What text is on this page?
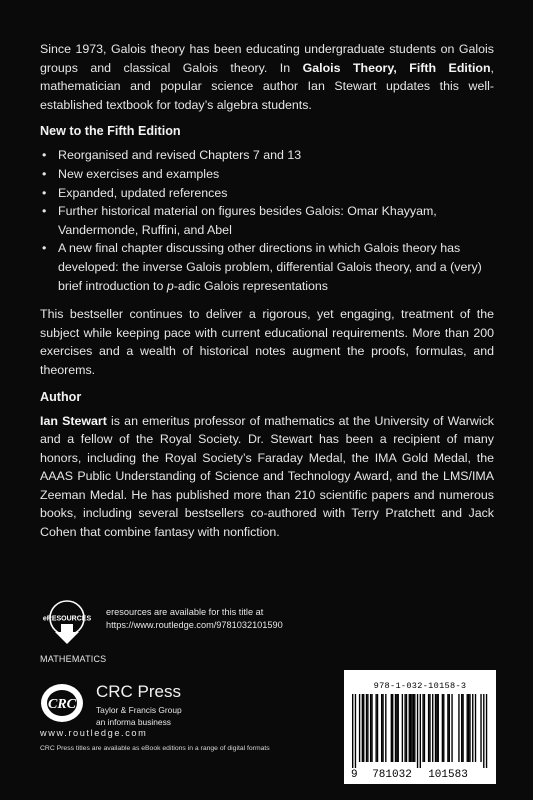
Since 1973, Galois theory has been educating undergraduate students on Galois groups and classical Galois theory. In Galois Theory, Fifth Edition, mathematician and popular science author Ian Stewart updates this well-established textbook for today’s algebra students.

New to the Fifth Edition
• Reorganised and revised Chapters 7 and 13
• New exercises and examples
• Expanded, updated references
• Further historical material on figures besides Galois: Omar Khayyam, Vandermonde, Ruffini, and Abel
• A new final chapter discussing other directions in which Galois theory has developed: the inverse Galois problem, differential Galois theory, and a (very) brief introduction to p-adic Galois representations

This bestseller continues to deliver a rigorous, yet engaging, treatment of the subject while keeping pace with current educational requirements. More than 200 exercises and a wealth of historical notes augment the proofs, formulas, and theorems.

Author

Ian Stewart is an emeritus professor of mathematics at the University of Warwick and a fellow of the Royal Society. Dr. Stewart has been a recipient of many honors, including the Royal Society’s Faraday Medal, the IMA Gold Medal, the AAAS Public Understanding of Science and Technology Award, and the LMS/IMA Zeeman Medal. He has published more than 210 scientific papers and numerous books, including several bestsellers co-authored with Terry Pratchett and Jack Cohen that combine fantasy with nonfiction.

eRESOURCES
eresources are available for this title at
https://www.routledge.com/9781032101590
MATHEMATICS
CRC
CRC Press
Taylor & Francis Group
an informa business
www.routledge.com
CRC Press titles are available as eBook editions in a range of digital formats
978-1-032-10158-3
9 781032 101583
